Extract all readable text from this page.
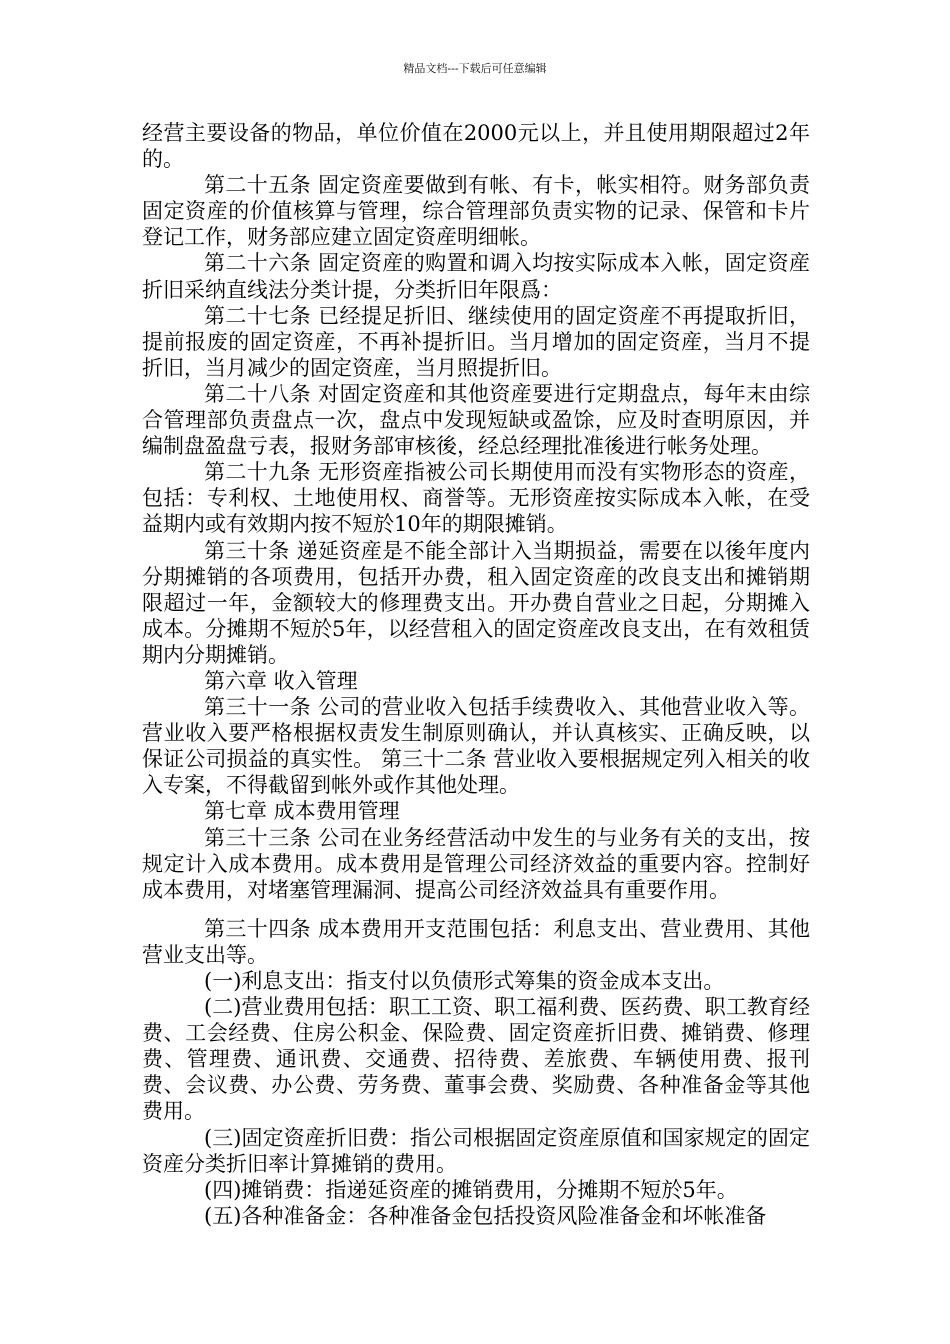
精品文档---下载后可任意编辑

经营主要设备的物品，单位价值在2000元以上，并且使用期限超过2年的。

第二十五条 固定资産要做到有帐、有卡，帐实相符。财务部负责固定资産的价值核算与管理，综合管理部负责实物的记录、保管和卡片登记工作，财务部应建立固定资産明细帐。

第二十六条 固定资産的购置和调入均按实际成本入帐，固定资産折旧采纳直线法分类计提，分类折旧年限爲：

第二十七条 已经提足折旧、继续使用的固定资産不再提取折旧，提前报废的固定资産，不再补提折旧。当月增加的固定资産，当月不提折旧，当月减少的固定资産，当月照提折旧。

第二十八条 对固定资産和其他资産要进行定期盘点，每年末由综合管理部负责盘点一次，盘点中发现短缺或盈馀，应及时查明原因，并编制盘盈盘亏表，报财务部审核後，经总经理批准後进行帐务处理。

第二十九条 无形资産指被公司长期使用而没有实物形态的资産，包括：专利权、土地使用权、商誉等。无形资産按实际成本入帐，在受益期内或有效期内按不短於10年的期限摊销。

第三十条 递延资産是不能全部计入当期损益，需要在以後年度内分期摊销的各项费用，包括开办费，租入固定资産的改良支出和摊销期限超过一年，金额较大的修理费支出。开办费自营业之日起，分期摊入成本。分摊期不短於5年，以经营租入的固定资産改良支出，在有效租赁期内分期摊销。

第六章 收入管理

第三十一条 公司的营业收入包括手续费收入、其他营业收入等。营业收入要严格根据权责发生制原则确认，并认真核实、正确反映，以保证公司损益的真实性。 第三十二条 营业收入要根据规定列入相关的收入专案，不得截留到帐外或作其他处理。

第七章 成本费用管理

第三十三条 公司在业务经营活动中发生的与业务有关的支出，按规定计入成本费用。成本费用是管理公司经济效益的重要内容。控制好成本费用，对堵塞管理漏洞、提高公司经济效益具有重要作用。

第三十四条 成本费用开支范围包括：利息支出、营业费用、其他营业支出等。

(一)利息支出：指支付以负债形式筹集的资金成本支出。

(二)营业费用包括：职工工资、职工福利费、医药费、职工教育经费、工会经费、住房公积金、保险费、固定资産折旧费、摊销费、修理费、管理费、通讯费、交通费、招待费、差旅费、车辆使用费、报刊费、会议费、办公费、劳务费、董事会费、奖励费、各种准备金等其他费用。

(三)固定资産折旧费：指公司根据固定资産原值和国家规定的固定资産分类折旧率计算摊销的费用。

(四)摊销费：指递延资産的摊销费用，分摊期不短於5年。

(五)各种准备金：各种准备金包括投资风险准备金和坏帐准备
